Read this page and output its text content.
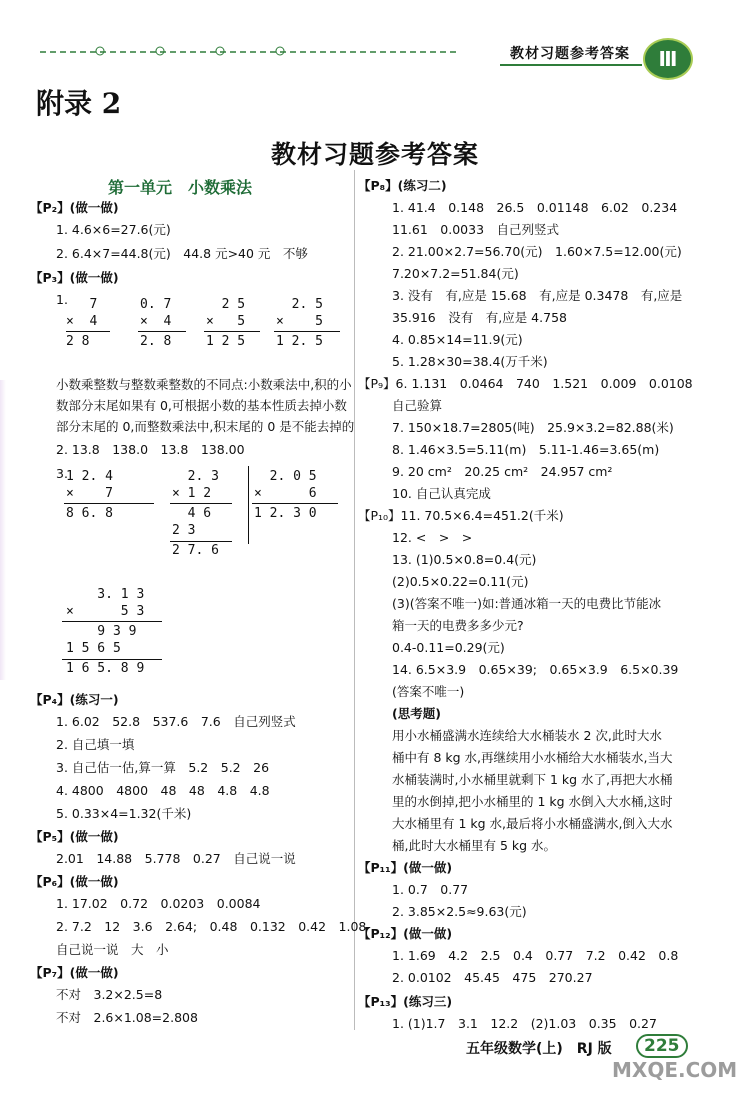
教材习题参考答案	Ⅲ
附录 2
教材习题参考答案
第一单元　小数乘法
【P₂】(做一做)
1. 4.6×6=27.6(元)
2. 6.4×7=44.8(元)　44.8 元>40 元　不够
【P₃】(做一做)
1.
小数乘整数与整数乘整数的不同点:小数乘法中,积的小
数部分末尾如果有 0,可根据小数的基本性质去掉小数
部分末尾的 0,而整数乘法中,积末尾的 0 是不能去掉的
2. 13.8　138.0　13.8　138.00
3.
【P₄】(练习一)
1. 6.02　52.8　537.6　7.6　自己列竖式
2. 自己填一填
3. 自己估一估,算一算　5.2　5.2　26
4. 4800　4800　48　48　4.8　4.8
5. 0.33×4=1.32(千米)
【P₅】(做一做)
2.01　14.88　5.778　0.27　自己说一说
【P₆】(做一做)
1. 17.02　0.72　0.0203　0.0084
2. 7.2　12　3.6　2.64;　0.48　0.132　0.42　1.08
自己说一说　大　小
【P₇】(做一做)
不对　3.2×2.5=8
不对　2.6×1.08=2.808
【P₈】(练习二)
1. 41.4　0.148　26.5　0.01148　6.02　0.234
11.61　0.0033　自己列竖式
2. 21.00×2.7=56.70(元)　1.60×7.5=12.00(元)
7.20×7.2=51.84(元)
3. 没有　有,应是 15.68　有,应是 0.3478　有,应是
35.916　没有　有,应是 4.758
4. 0.85×14=11.9(元)
5. 1.28×30=38.4(万千米)
【P₉】6. 1.131　0.0464　740　1.521　0.009　0.0108
自己验算
7. 150×18.7=2805(吨)　25.9×3.2=82.88(米)
8. 1.46×3.5=5.11(m)　5.11-1.46=3.65(m)
9. 20 cm²　20.25 cm²　24.957 cm²
10. 自己认真完成
【P₁₀】11. 70.5×6.4=451.2(千米)
12. <　>　>
13. (1)0.5×0.8=0.4(元)
(2)0.5×0.22=0.11(元)
(3)(答案不唯一)如:普通冰箱一天的电费比节能冰
箱一天的电费多多少元?
0.4-0.11=0.29(元)
14. 6.5×3.9　0.65×39;　0.65×3.9　6.5×0.39
(答案不唯一)
(思考题)
用小水桶盛满水连续给大水桶装水 2 次,此时大水
桶中有 8 kg 水,再继续用小水桶给大水桶装水,当大
水桶装满时,小水桶里就剩下 1 kg 水了,再把大水桶
里的水倒掉,把小水桶里的 1 kg 水倒入大水桶,这时
大水桶里有 1 kg 水,最后将小水桶盛满水,倒入大水
桶,此时大水桶里有 5 kg 水。
【P₁₁】(做一做)
1. 0.7　0.77
2. 3.85×2.5≈9.63(元)
【P₁₂】(做一做)
1. 1.69　4.2　2.5　0.4　0.77　7.2　0.42　0.8
2. 0.0102　45.45　475　270.27
【P₁₃】(练习三)
1. (1)1.7　3.1　12.2　(2)1.03　0.35　0.27
7
×  4
2 8
0. 7
×  4
2. 8
2 5
×   5
1 2 5
2. 5
×    5
1 2. 5
1 2. 4
×    7
8 6. 8
2. 3
× 1 2
4 6
2 3
2 7. 6
2. 0 5
×      6
1 2. 3 0
3. 1 3
×      5 3
9 3 9
1 5 6 5
1 6 5. 8 9
五年级数学(上)　RJ 版	225
MXQE.COM
